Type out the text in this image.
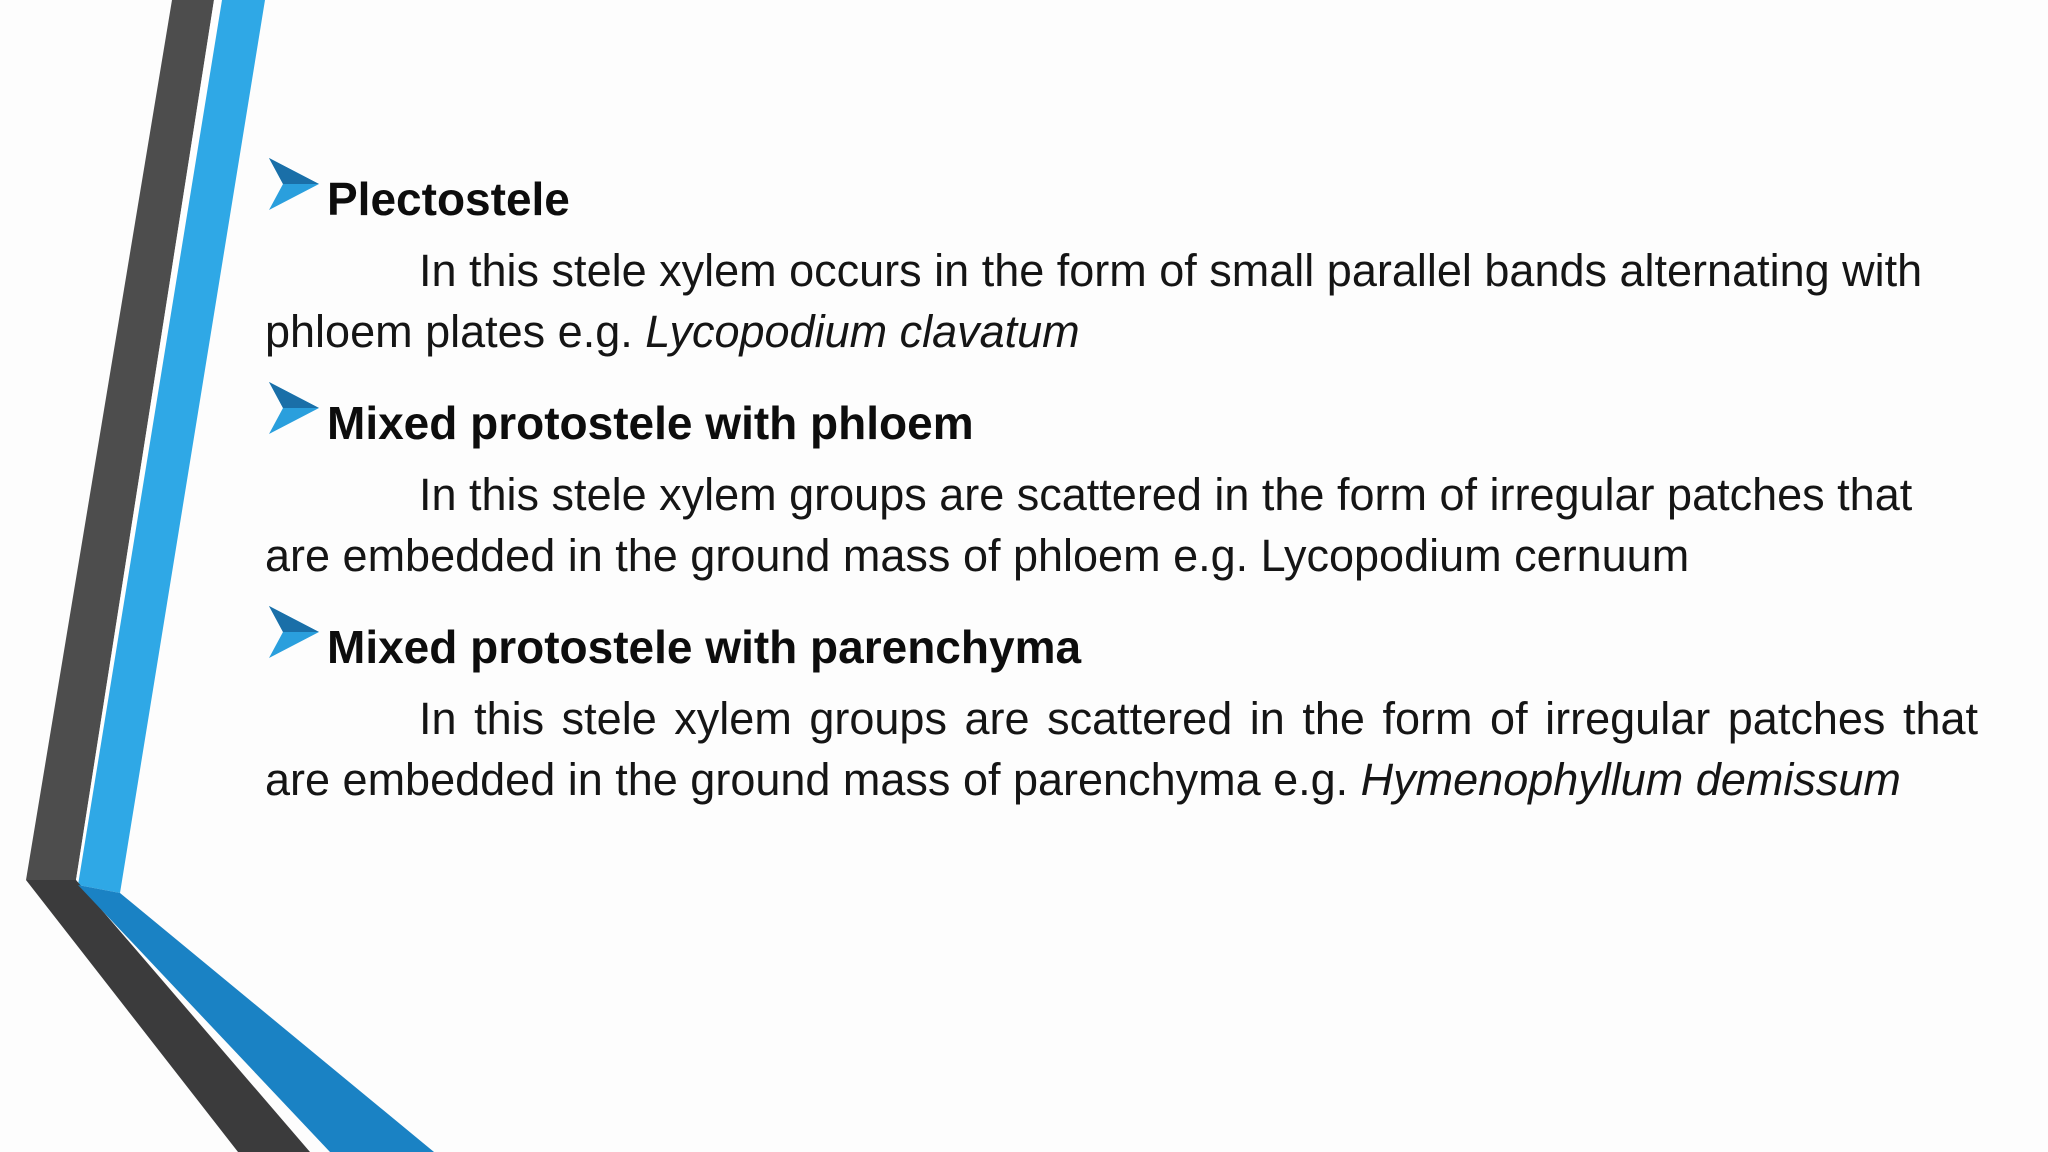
Plectostele

In this stele xylem occurs in the form of small parallel bands alternating with phloem plates e.g. Lycopodium clavatum

Mixed protostele with phloem

In this stele xylem groups are scattered in the form of irregular patches that are embedded in the ground mass of phloem e.g. Lycopodium cernuum

Mixed protostele with parenchyma

In this stele xylem groups are scattered in the form of irregular patches that are embedded in the ground mass of parenchyma e.g. Hymenophyllum demissum
